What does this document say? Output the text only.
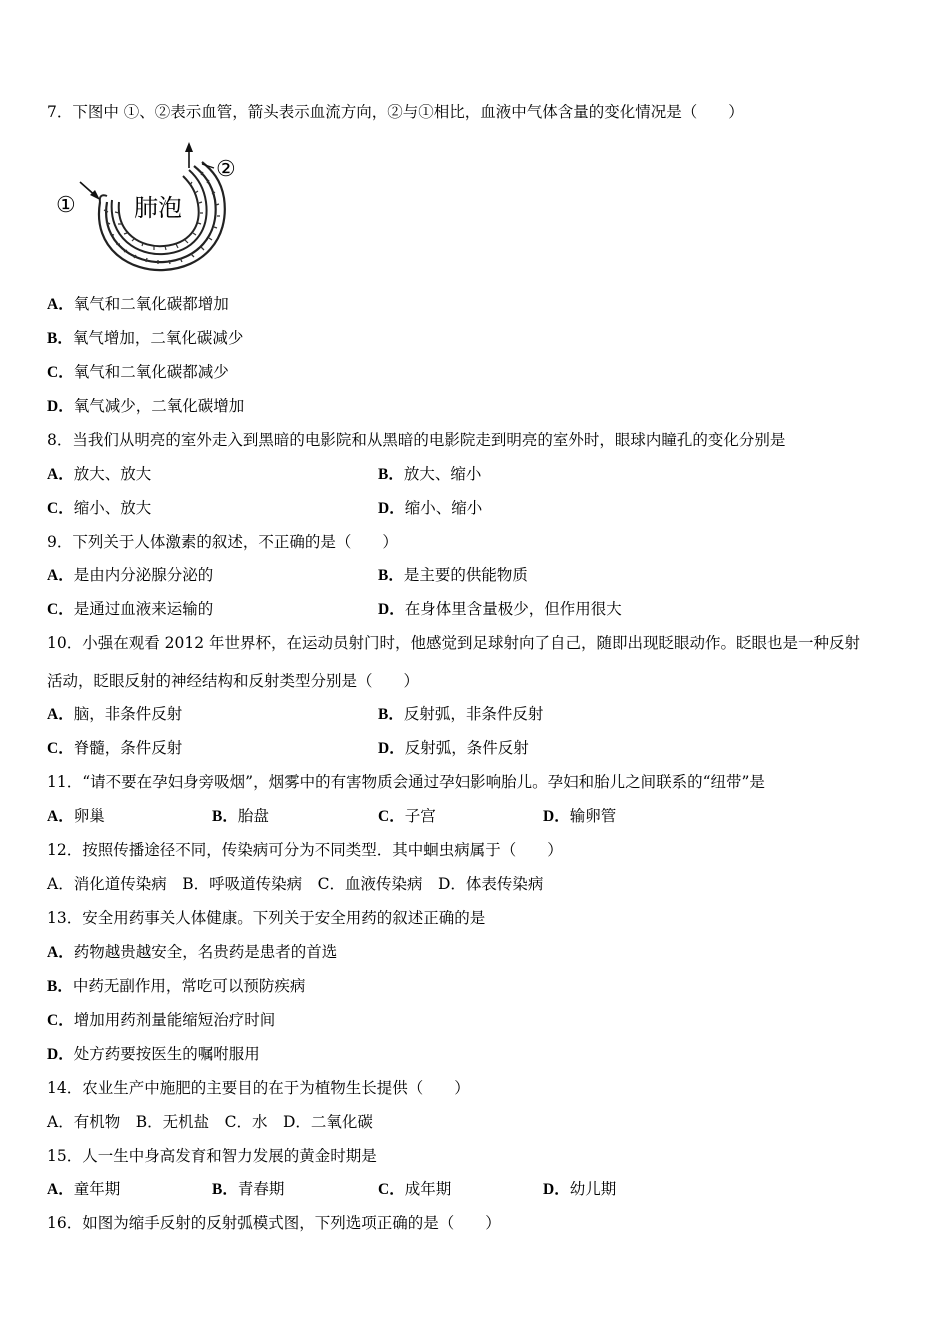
7．下图中 ①、②表示血管，箭头表示血流方向，②与①相比，血液中气体含量的变化情况是（　　）
①
②
肺泡
A．氧气和二氧化碳都增加
B．氧气增加，二氧化碳减少
C．氧气和二氧化碳都减少
D．氧气减少，二氧化碳增加
8．当我们从明亮的室外走入到黑暗的电影院和从黑暗的电影院走到明亮的室外时，眼球内瞳孔的变化分别是
A．放大、放大	B．放大、缩小
C．缩小、放大	D．缩小、缩小
9．下列关于人体激素的叙述，不正确的是（　　）
A．是由内分泌腺分泌的	B．是主要的供能物质
C．是通过血液来运输的	D．在身体里含量极少，但作用很大
10．小强在观看 2012 年世界杯，在运动员射门时，他感觉到足球射向了自己，随即出现眨眼动作。眨眼也是一种反射
活动，眨眼反射的神经结构和反射类型分别是（　　）
A．脑，非条件反射	B．反射弧，非条件反射
C．脊髓，条件反射	D．反射弧，条件反射
11．“请不要在孕妇身旁吸烟”，烟雾中的有害物质会通过孕妇影响胎儿。孕妇和胎儿之间联系的“纽带”是
A．卵巢	B．胎盘	C．子宫	D．输卵管
12．按照传播途径不同，传染病可分为不同类型．其中蛔虫病属于（　　）
A．消化道传染病　B．呼吸道传染病　C．血液传染病　D．体表传染病
13．安全用药事关人体健康。下列关于安全用药的叙述正确的是
A．药物越贵越安全，名贵药是患者的首选
B．中药无副作用，常吃可以预防疾病
C．增加用药剂量能缩短治疗时间
D．处方药要按医生的嘱咐服用
14．农业生产中施肥的主要目的在于为植物生长提供（　　）
A．有机物　B．无机盐　C．水　D．二氧化碳
15．人一生中身高发育和智力发展的黄金时期是
A．童年期	B．青春期	C．成年期	D．幼儿期
16．如图为缩手反射的反射弧模式图，下列选项正确的是（　　）
